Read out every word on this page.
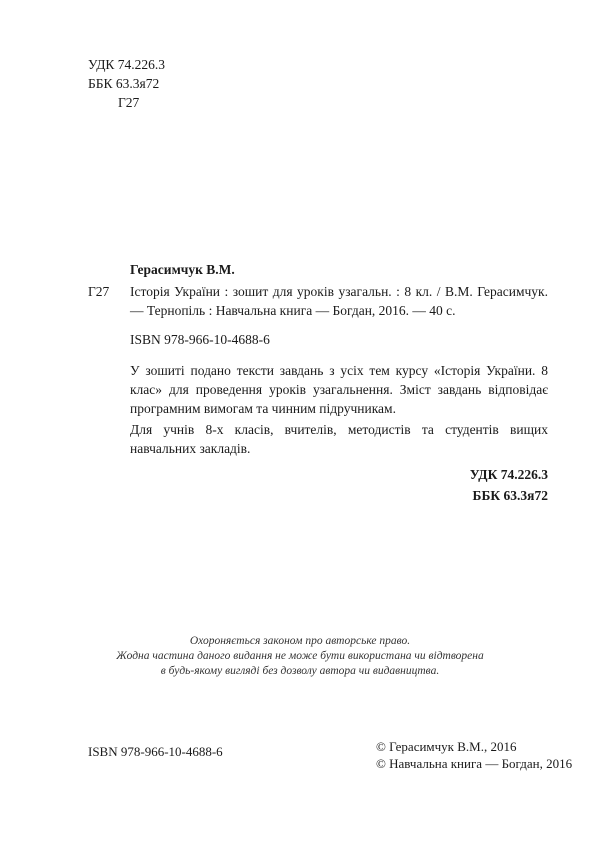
УДК 74.226.3
ББК 63.3я72
Г27
Герасимчук В.М.
Г27	Історія України : зошит для уроків узагальн. : 8 кл. / В.М. Герасимчук. — Тернопіль : Навчальна книга — Богдан, 2016. — 40 с.
ISBN 978-966-10-4688-6

У зошиті подано тексти завдань з усіх тем курсу «Історія України. 8 клас» для проведення уроків узагальнення. Зміст завдань відповідає програмним вимогам та чинним підручникам.

Для учнів 8-х класів, вчителів, методистів та студентів вищих навчальних закладів.

УДК 74.226.3
ББК 63.3я72
Охороняється законом про авторське право.
Жодна частина даного видання не може бути використана чи відтворена
в будь-якому вигляді без дозволу автора чи видавництва.
ISBN 978-966-10-4688-6	© Герасимчук В.М., 2016
© Навчальна книга — Богдан, 2016
